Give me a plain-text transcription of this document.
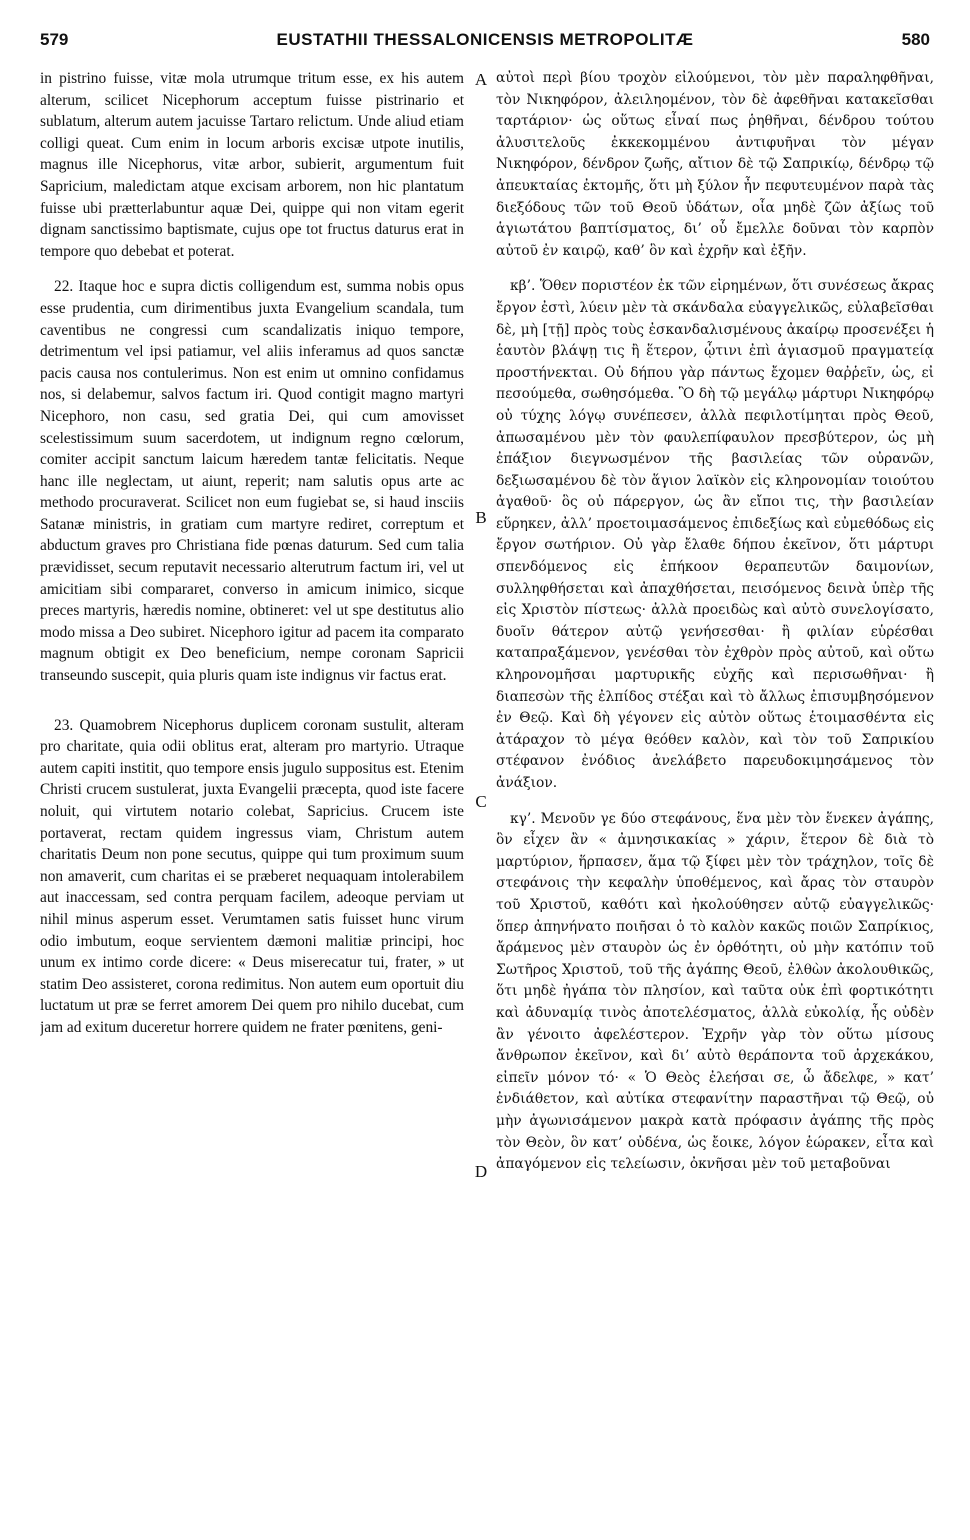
579	EUSTATHII THESSALONICENSIS METROPOLITÆ	580

in pistrino fuisse, vitæ mola utrumque tritum esse, ex his autem alterum, scilicet Nicephorum acceptum fuisse pistrinario et sublatum, alterum autem jacuisse Tartaro relictum. Unde aliud etiam colligi queat. Cum enim in locum arboris excisæ utpote inutilis, magnus ille Nicephorus, vitæ arbor, subierit, argumentum fuit Sapricium, maledictam atque excisam arborem, non hic plantatum fuisse ubi prætterlabuntur aquæ Dei, quippe qui non vitam egerit dignam sanctissimo baptismate, cujus ope tot fructus daturus erat in tempore quo debebat et poterat.

22. Itaque hoc e supra dictis colligendum est, summa nobis opus esse prudentia, cum dirimentibus juxta Evangelium scandala, tum caventibus ne congressi cum scandalizatis iniquo tempore, detrimentum vel ipsi patiamur, vel aliis inferamus ad quos sanctæ pacis causa nos contulerimus. Non est enim ut omnino confidamus nos, si delabemur, salvos factum iri. Quod contigit magno martyri Nicephoro, non casu, sed gratia Dei, qui cum amovisset scelestissimum suum sacerdotem, ut indignum regno cœlorum, comiter accipit sanctum laicum hæredem tantæ felicitatis. Neque hanc ille neglectam, ut aiunt, reperit; nam salutis opus arte ac methodo procuraverat. Scilicet non eum fugiebat se, si haud insciis Satanæ ministris, in gratiam cum martyre rediret, correptum et abductum graves pro Christiana fide pœnas daturum. Sed cum talia prævidisset, secum reputavit necessario alterutrum factum iri, vel ut amicitiam sibi compararet, converso in amicum inimico, sicque preces martyris, hæredis nomine, obtineret: vel ut spe destitutus alio modo missa a Deo subiret. Nicephoro igitur ad pacem ita comparato magnum obtigit ex Deo beneficium, nempe coronam Sapricii transeundo suscepit, quia pluris quam iste indignus vir factus erat.

23. Quamobrem Nicephorus duplicem coronam sustulit, alteram pro charitate, quia odii oblitus erat, alteram pro martyrio. Utraque autem capiti institit, quo tempore ensis jugulo suppositus est. Etenim Christi crucem sustulerat, juxta Evangelii præcepta, quod iste facere noluit, qui virtutem notario colebat, Sapricius. Crucem iste portaverat, rectam quidem ingressus viam, Christum autem charitatis Deum non pone secutus, quippe qui tum proximum suum non amaverit, cum charitas ei se præberet nequaquam intolerabilem aut inaccessam, sed contra perquam facilem, adeoque perviam ut nihil minus asperum esset. Verumtamen satis fuisset hunc virum odio imbutum, eoque servientem dæmoni malitiæ principi, hoc unum ex intimo corde dicere: « Deus miserecatur tui, frater, » ut statim Deo assisteret, corona redimitus. Non autem eum oportuit diu luctatum ut præ se ferret amorem Dei quem pro nihilo ducebat, cum jam ad exitum duceretur horrere quidem ne frater pœnitens, geni-

A
B
C
D

αὐτοὶ περὶ βίου τροχὸν εἰλούμενοι, τὸν μὲν παραληφθῆναι, τὸν Νικηφόρον, ἀλειληομένον, τὸν δὲ ἀφεθῆναι κατακεῖσθαι ταρτάριον· ὡς οὕτως εἶναί πως ῥηθῆναι, δένδρου τούτου ἀλυσιτελοῦς ἐκκεκομμένου ἀντιφυῆναι τὸν μέγαν Νικηφόρον, δένδρον ζωῆς, αἴτιον δὲ τῷ Σαπρικίῳ, δένδρῳ τῷ ἀπευκταίας ἐκτομῆς, ὅτι μὴ ξύλον ἦν πεφυτευμένον παρὰ τὰς διεξόδους τῶν τοῦ Θεοῦ ὑδάτων, οἷα μηδὲ ζῶν ἀξίως τοῦ ἁγιωτάτου βαπτίσματος, δι’ οὗ ἔμελλε δοῦναι τὸν καρπὸν αὐτοῦ ἐν καιρῷ, καθ’ ὃν καὶ ἐχρῆν καὶ ἐξῆν.

κβ’. Ὅθεν ποριστέον ἐκ τῶν εἰρημένων, ὅτι συνέσεως ἄκρας ἔργον ἐστὶ, λύειν μὲν τὰ σκάνδαλα εὐαγγελικῶς, εὐλαβεῖσθαι δὲ, μὴ [τῇ] πρὸς τοὺς ἐσκανδαλισμένους ἀκαίρῳ προσενέξει ἡ ἑαυτὸν βλάψῃ τις ἢ ἕτερον, ᾧτινι ἐπὶ ἁγιασμοῦ πραγματείᾳ προστήνεκται. Οὐ δήπου γὰρ πάντως ἔχομεν θαῤῥεῖν, ὡς, εἰ πεσούμεθα, σωθησόμεθα. Ὃ δὴ τῷ μεγάλῳ μάρτυρι Νικηφόρῳ οὐ τύχης λόγῳ συνέπεσεν, ἀλλὰ πεφιλοτίμηται πρὸς Θεοῦ, ἀπωσαμένου μὲν τὸν φαυλεπίφαυλον πρεσβύτερον, ὡς μὴ ἐπάξιον διεγνωσμένον τῆς βασιλείας τῶν οὐρανῶν, δεξιωσαμένου δὲ τὸν ἅγιον λαϊκὸν εἰς κληρονομίαν τοιούτου ἀγαθοῦ· ὃς οὐ πάρεργον, ὡς ἂν εἴποι τις, τὴν βασιλείαν εὕρηκεν, ἀλλ’ προετοιμασάμενος ἐπιδεξίως καὶ εὐμεθόδως εἰς ἔργον σωτήριον. Οὐ γὰρ ἔλαθε δήπου ἐκεῖνον, ὅτι μάρτυρι σπενδόμενος εἰς ἐπήκοον θεραπευτῶν δαιμονίων, συλληφθήσεται καὶ ἀπαχθήσεται, πεισόμενος δεινὰ ὑπὲρ τῆς εἰς Χριστὸν πίστεως· ἀλλὰ προειδὼς καὶ αὐτὸ συνελογίσατο, δυοῖν θάτερον αὐτῷ γενήσεσθαι· ἢ φιλίαν εὑρέσθαι καταπραξάμενον, γενέσθαι τὸν ἐχθρὸν πρὸς αὐτοῦ, καὶ οὕτω κληρονομῆσαι μαρτυρικῆς εὐχῆς καὶ περισωθῆναι· ἢ διαπεσὼν τῆς ἐλπίδος στέξαι καὶ τὸ ἄλλως ἐπισυμβησόμενον ἐν Θεῷ. Καὶ δὴ γέγονεν εἰς αὐτὸν οὕτως ἑτοιμασθέντα εἰς ἀτάραχον τὸ μέγα θεόθεν καλὸν, καὶ τὸν τοῦ Σαπρικίου στέφανον ἐνόδιος ἀνελάβετο παρευδοκιμησάμενος τὸν ἀνάξιον.

κγ’. Μενοῦν γε δύο στεφάνους, ἕνα μὲν τὸν ἕνεκεν ἀγάπης, ὃν εἶχεν ἂν « ἀμνησικακίας » χάριν, ἕτερον δὲ διὰ τὸ μαρτύριον, ἥρπασεν, ἅμα τῷ ξίφει μὲν τὸν τράχηλον, τοῖς δὲ στεφάνοις τὴν κεφαλὴν ὑποθέμενος, καὶ ἄρας τὸν σταυρὸν τοῦ Χριστοῦ, καθότι καὶ ἠκολούθησεν αὐτῷ εὐαγγελικῶς· ὅπερ ἀπηνήνατο ποιῆσαι ὁ τὸ καλὸν κακῶς ποιῶν Σαπρίκιος, ἄράμενος μὲν σταυρὸν ὡς ἐν ὀρθότητι, οὐ μὴν κατόπιν τοῦ Σωτῆρος Χριστοῦ, τοῦ τῆς ἀγάπης Θεοῦ, ἐλθὼν ἀκολουθικῶς, ὅτι μηδὲ ἠγάπα τὸν πλησίον, καὶ ταῦτα οὐκ ἐπὶ φορτικότητι καὶ ἀδυναμίᾳ τινὸς ἀποτελέσματος, ἀλλὰ εὐκολίᾳ, ἧς οὐδὲν ἂν γένοιτο ἀφελέστερον. Ἐχρῆν γὰρ τὸν οὕτω μίσους ἄνθρωπον ἐκεῖνον, καὶ δι’ αὐτὸ θεράποντα τοῦ ἀρχεκάκου, εἰπεῖν μόνον τό· « Ὁ Θεὸς ἐλεήσαι σε, ὦ ἄδελφε, » κατ’ ἐνδιάθετον, καὶ αὐτίκα στεφανίτην παραστῆναι τῷ Θεῷ, οὐ μὴν ἀγωνισάμενον μακρὰ κατὰ πρόφασιν ἀγάπης τῆς πρὸς τὸν Θεὸν, ὃν κατ’ οὐδένα, ὡς ἔοικε, λόγον ἑώρακεν, εἶτα καὶ ἀπαγόμενον εἰς τελείωσιν, ὀκνῆσαι μὲν τοῦ μεταβοῦναι
